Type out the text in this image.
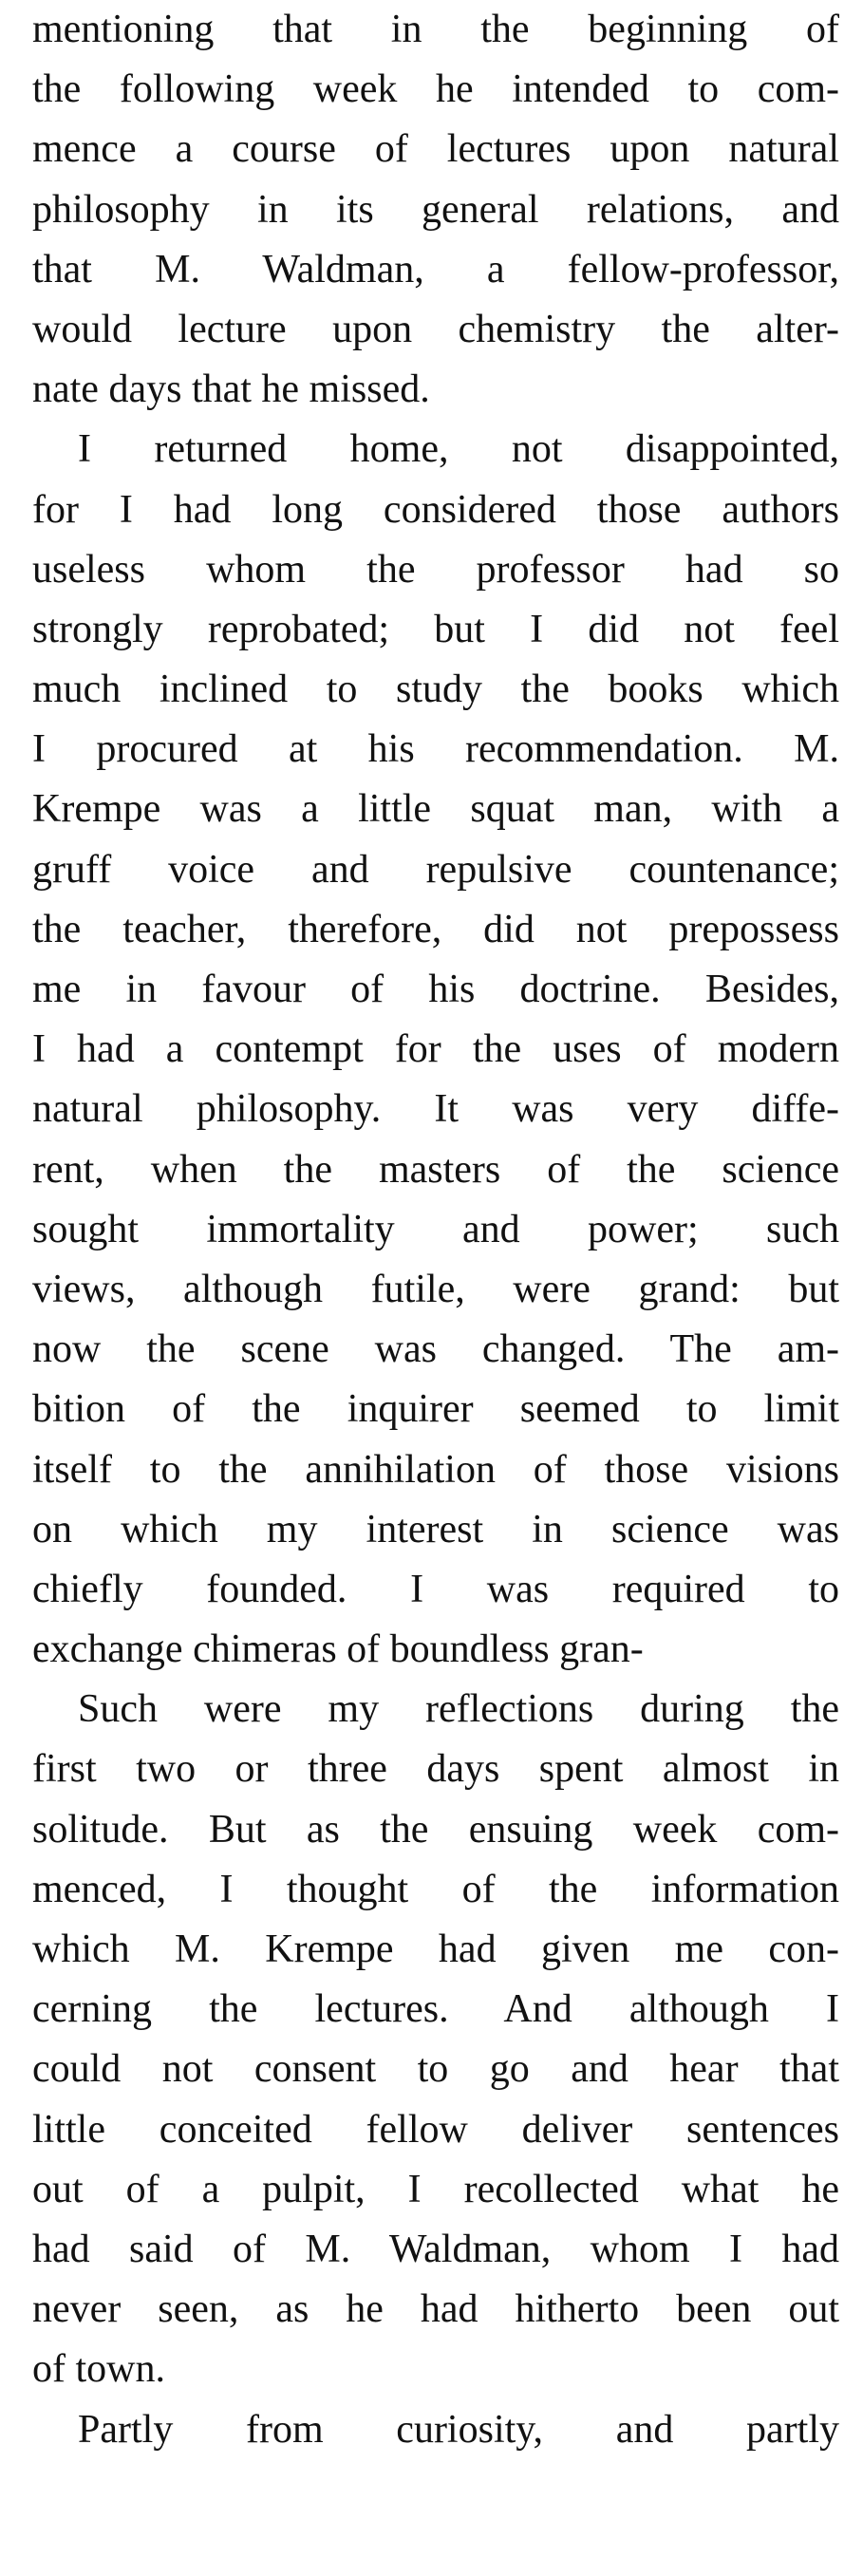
mentioning that in the beginning of
the following week he intended to com-
mence a course of lectures upon natural
philosophy in its general relations, and
that M. Waldman, a fellow-professor,
would lecture upon chemistry the alter-
nate days that he missed.

I returned home, not disappointed,
for I had long considered those authors
useless whom the professor had so
strongly reprobated; but I did not feel
much inclined to study the books which
I procured at his recommendation. M.
Krempe was a little squat man, with a
gruff voice and repulsive countenance;
the teacher, therefore, did not prepossess
me in favour of his doctrine. Besides,
I had a contempt for the uses of modern
natural philosophy. It was very diffe-
rent, when the masters of the science
sought immortality and power; such
views, although futile, were grand: but
now the scene was changed. The am-
bition of the inquirer seemed to limit
itself to the annihilation of those visions
on which my interest in science was
chiefly founded. I was required to
exchange chimeras of boundless gran-

Such were my reflections during the
first two or three days spent almost in
solitude. But as the ensuing week com-
menced, I thought of the information
which M. Krempe had given me con-
cerning the lectures. And although I
could not consent to go and hear that
little conceited fellow deliver sentences
out of a pulpit, I recollected what he
had said of M. Waldman, whom I had
never seen, as he had hitherto been out
of town.

Partly from curiosity, and partly
